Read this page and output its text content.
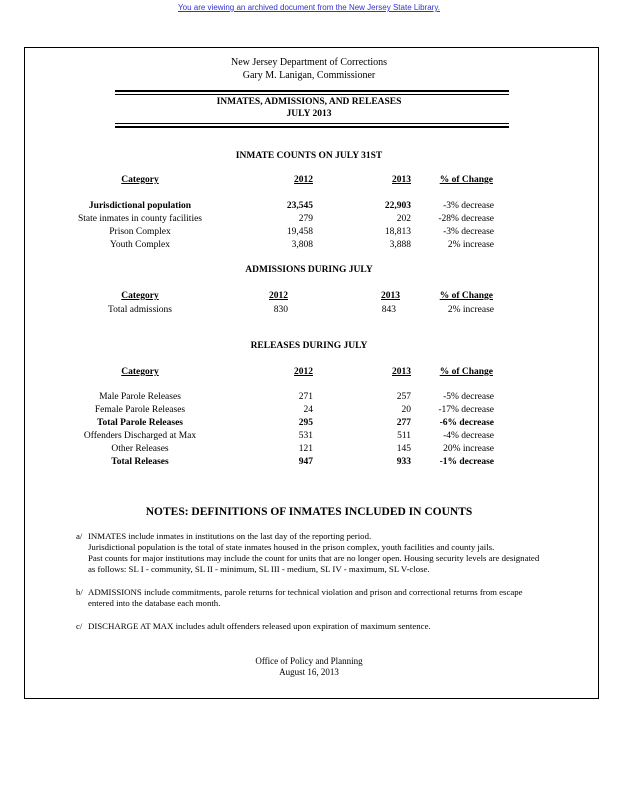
You are viewing an archived document from the New Jersey State Library.
New Jersey Department of Corrections
Gary M. Lanigan, Commissioner
INMATES, ADMISSIONS, AND RELEASES
JULY 2013
INMATE COUNTS ON JULY 31ST
Category	2012	2013	% of Change
Jurisdictional population	23,545	22,903	-3% decrease
State inmates in county facilities	279	202	-28% decrease
Prison Complex	19,458	18,813	-3% decrease
Youth Complex	3,808	3,888	2% increase
ADMISSIONS DURING JULY
Category	2012	2013	% of Change
Total admissions	830	843	2% increase
RELEASES DURING JULY
Category	2012	2013	% of Change
Male Parole Releases	271	257	-5% decrease
Female Parole Releases	24	20	-17% decrease
Total Parole Releases	295	277	-6% decrease
Offenders Discharged at Max	531	511	-4% decrease
Other Releases	121	145	20% increase
Total Releases	947	933	-1% decrease
NOTES: DEFINITIONS OF INMATES INCLUDED IN COUNTS
a/ INMATES include inmates in institutions on the last day of the reporting period.
Jurisdictional population is the total of state inmates housed in the prison complex, youth facilities and county jails.
Past counts for major institutions may include the count for units that are no longer open. Housing security levels are designated
as follows: SL I - community, SL II - minimum, SL III - medium, SL IV - maximum, SL V-close.
b/ ADMISSIONS include commitments, parole returns for technical violation and prison and correctional returns from escape
entered into the database each month.
c/ DISCHARGE AT MAX includes adult offenders released upon expiration of maximum sentence.
Office of Policy and Planning
August 16, 2013
